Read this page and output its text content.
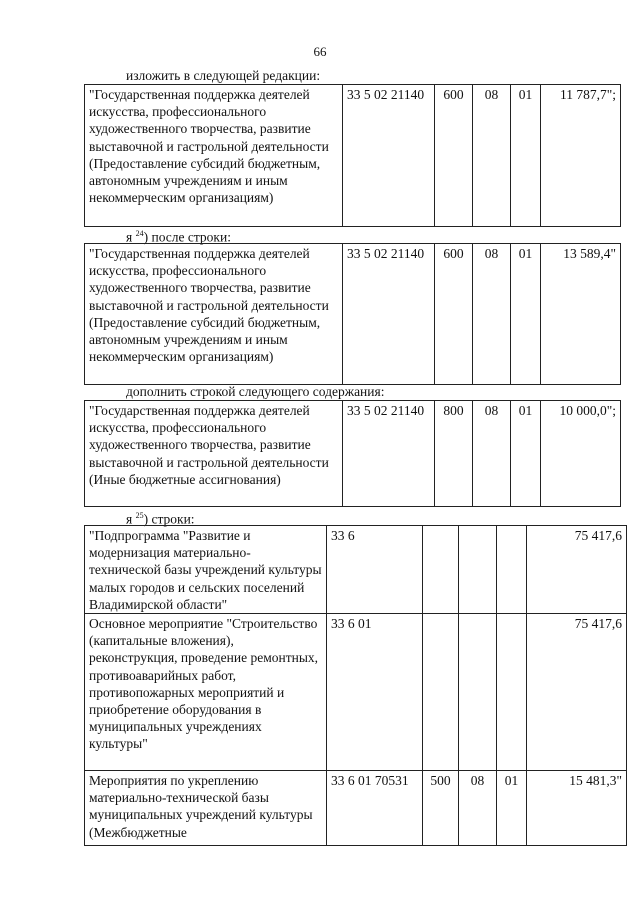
66
изложить в следующей редакции:
"Государственная поддержка деятелей искусства, профессионального художественного творчества, развитие выставочной и гастрольной деятельности (Предоставление субсидий бюджетным, автономным учреждениям и иным некоммерческим организациям)	33 5 02 21140	600	08	01	11 787,7";
я $^{24}$) после строки:
"Государственная поддержка деятелей искусства, профессионального художественного творчества, развитие выставочной и гастрольной деятельности (Предоставление субсидий бюджетным, автономным учреждениям и иным некоммерческим организациям)	33 5 02 21140	600	08	01	13 589,4"
дополнить строкой следующего содержания:
"Государственная поддержка деятелей искусства, профессионального художественного творчества, развитие выставочной и гастрольной деятельности (Иные бюджетные ассигнования)	33 5 02 21140	800	08	01	10 000,0";
я $^{25}$) строки:
"Подпрограмма "Развитие и модернизация материально-технической базы учреждений культуры малых городов и сельских поселений Владимирской области"	33 6				75 417,6
Основное мероприятие "Строительство (капитальные вложения), реконструкция, проведение ремонтных, противоаварийных работ, противопожарных мероприятий и приобретение оборудования в муниципальных учреждениях культуры"	33 6 01				75 417,6
Мероприятия по укреплению материально-технической базы муниципальных учреждений культуры (Межбюджетные	33 6 01 70531	500	08	01	15 481,3"
